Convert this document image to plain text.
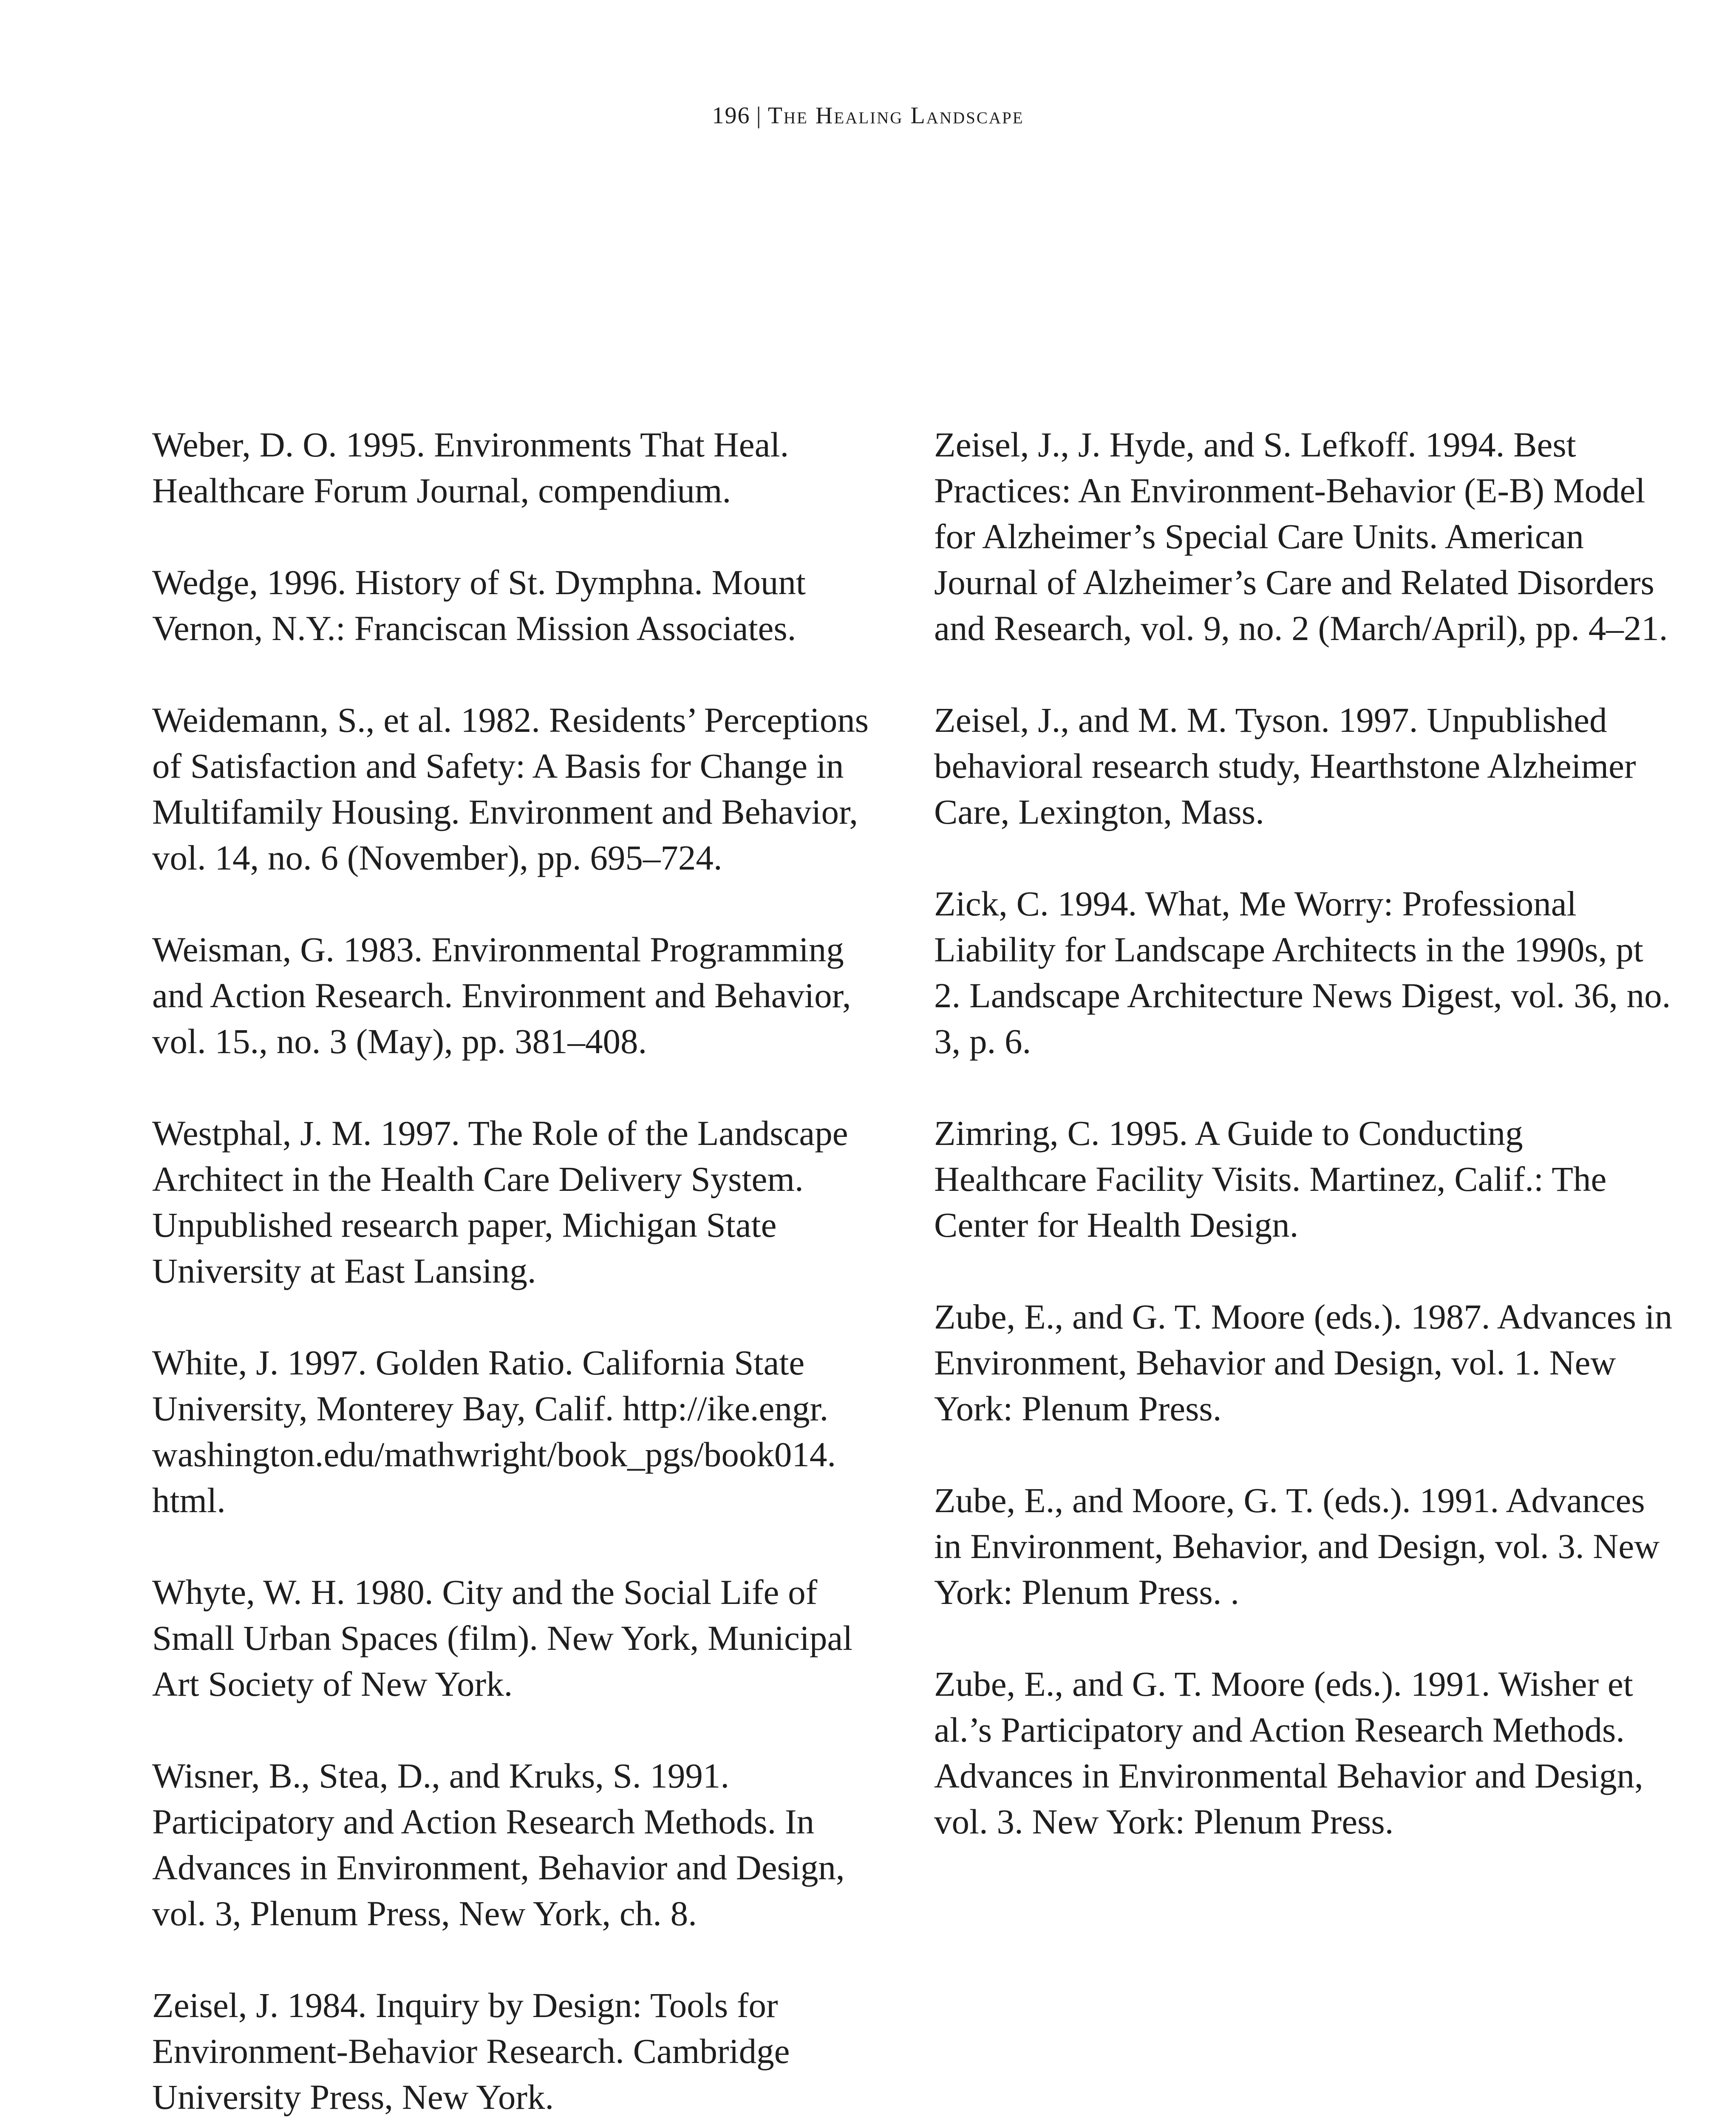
196 | The Healing Landscape

Weber, D. O. 1995. Environments That Heal. Healthcare Forum Journal, compendium.

Wedge, 1996. History of St. Dymphna. Mount Vernon, N.Y.: Franciscan Mission Associates.

Weidemann, S., et al. 1982. Residents’ Perceptions of Satisfaction and Safety: A Basis for Change in Multifamily Housing. Environment and Behavior, vol. 14, no. 6 (November), pp. 695–724.

Weisman, G. 1983. Environmental Programming and Action Research. Environment and Behavior, vol. 15., no. 3 (May), pp. 381–408.

Westphal, J. M. 1997. The Role of the Landscape Architect in the Health Care Delivery System. Unpublished research paper, Michigan State University at East Lansing.

White, J. 1997. Golden Ratio. California State University, Monterey Bay, Calif. http://ike.engr. washington.edu/mathwright/book_pgs/book014. html.

Whyte, W. H. 1980. City and the Social Life of Small Urban Spaces (film). New York, Municipal Art Society of New York.

Wisner, B., Stea, D., and Kruks, S. 1991. Participatory and Action Research Methods. In Advances in Environment, Behavior and Design, vol. 3, Plenum Press, New York, ch. 8.

Zeisel, J. 1984. Inquiry by Design: Tools for Environment-Behavior Research. Cambridge University Press, New York.

Zeisel, J., J. Hyde, and S. Lefkoff. 1994. Best Practices: An Environment-Behavior (E-B) Model for Alzheimer’s Special Care Units. American Journal of Alzheimer’s Care and Related Disorders and Research, vol. 9, no. 2 (March/April), pp. 4–21.

Zeisel, J., and M. M. Tyson. 1997. Unpublished behavioral research study, Hearthstone Alzheimer Care, Lexington, Mass.

Zick, C. 1994. What, Me Worry: Professional Liability for Landscape Architects in the 1990s, pt 2. Landscape Architecture News Digest, vol. 36, no. 3, p. 6.

Zimring, C. 1995. A Guide to Conducting Healthcare Facility Visits. Martinez, Calif.: The Center for Health Design.

Zube, E., and G. T. Moore (eds.). 1987. Advances in Environment, Behavior and Design, vol. 1. New York: Plenum Press.

Zube, E., and Moore, G. T. (eds.). 1991. Advances in Environment, Behavior, and Design, vol. 3. New York: Plenum Press. .

Zube, E., and G. T. Moore (eds.). 1991. Wisher et al.’s Participatory and Action Research Methods. Advances in Environmental Behavior and Design, vol. 3. New York: Plenum Press.
